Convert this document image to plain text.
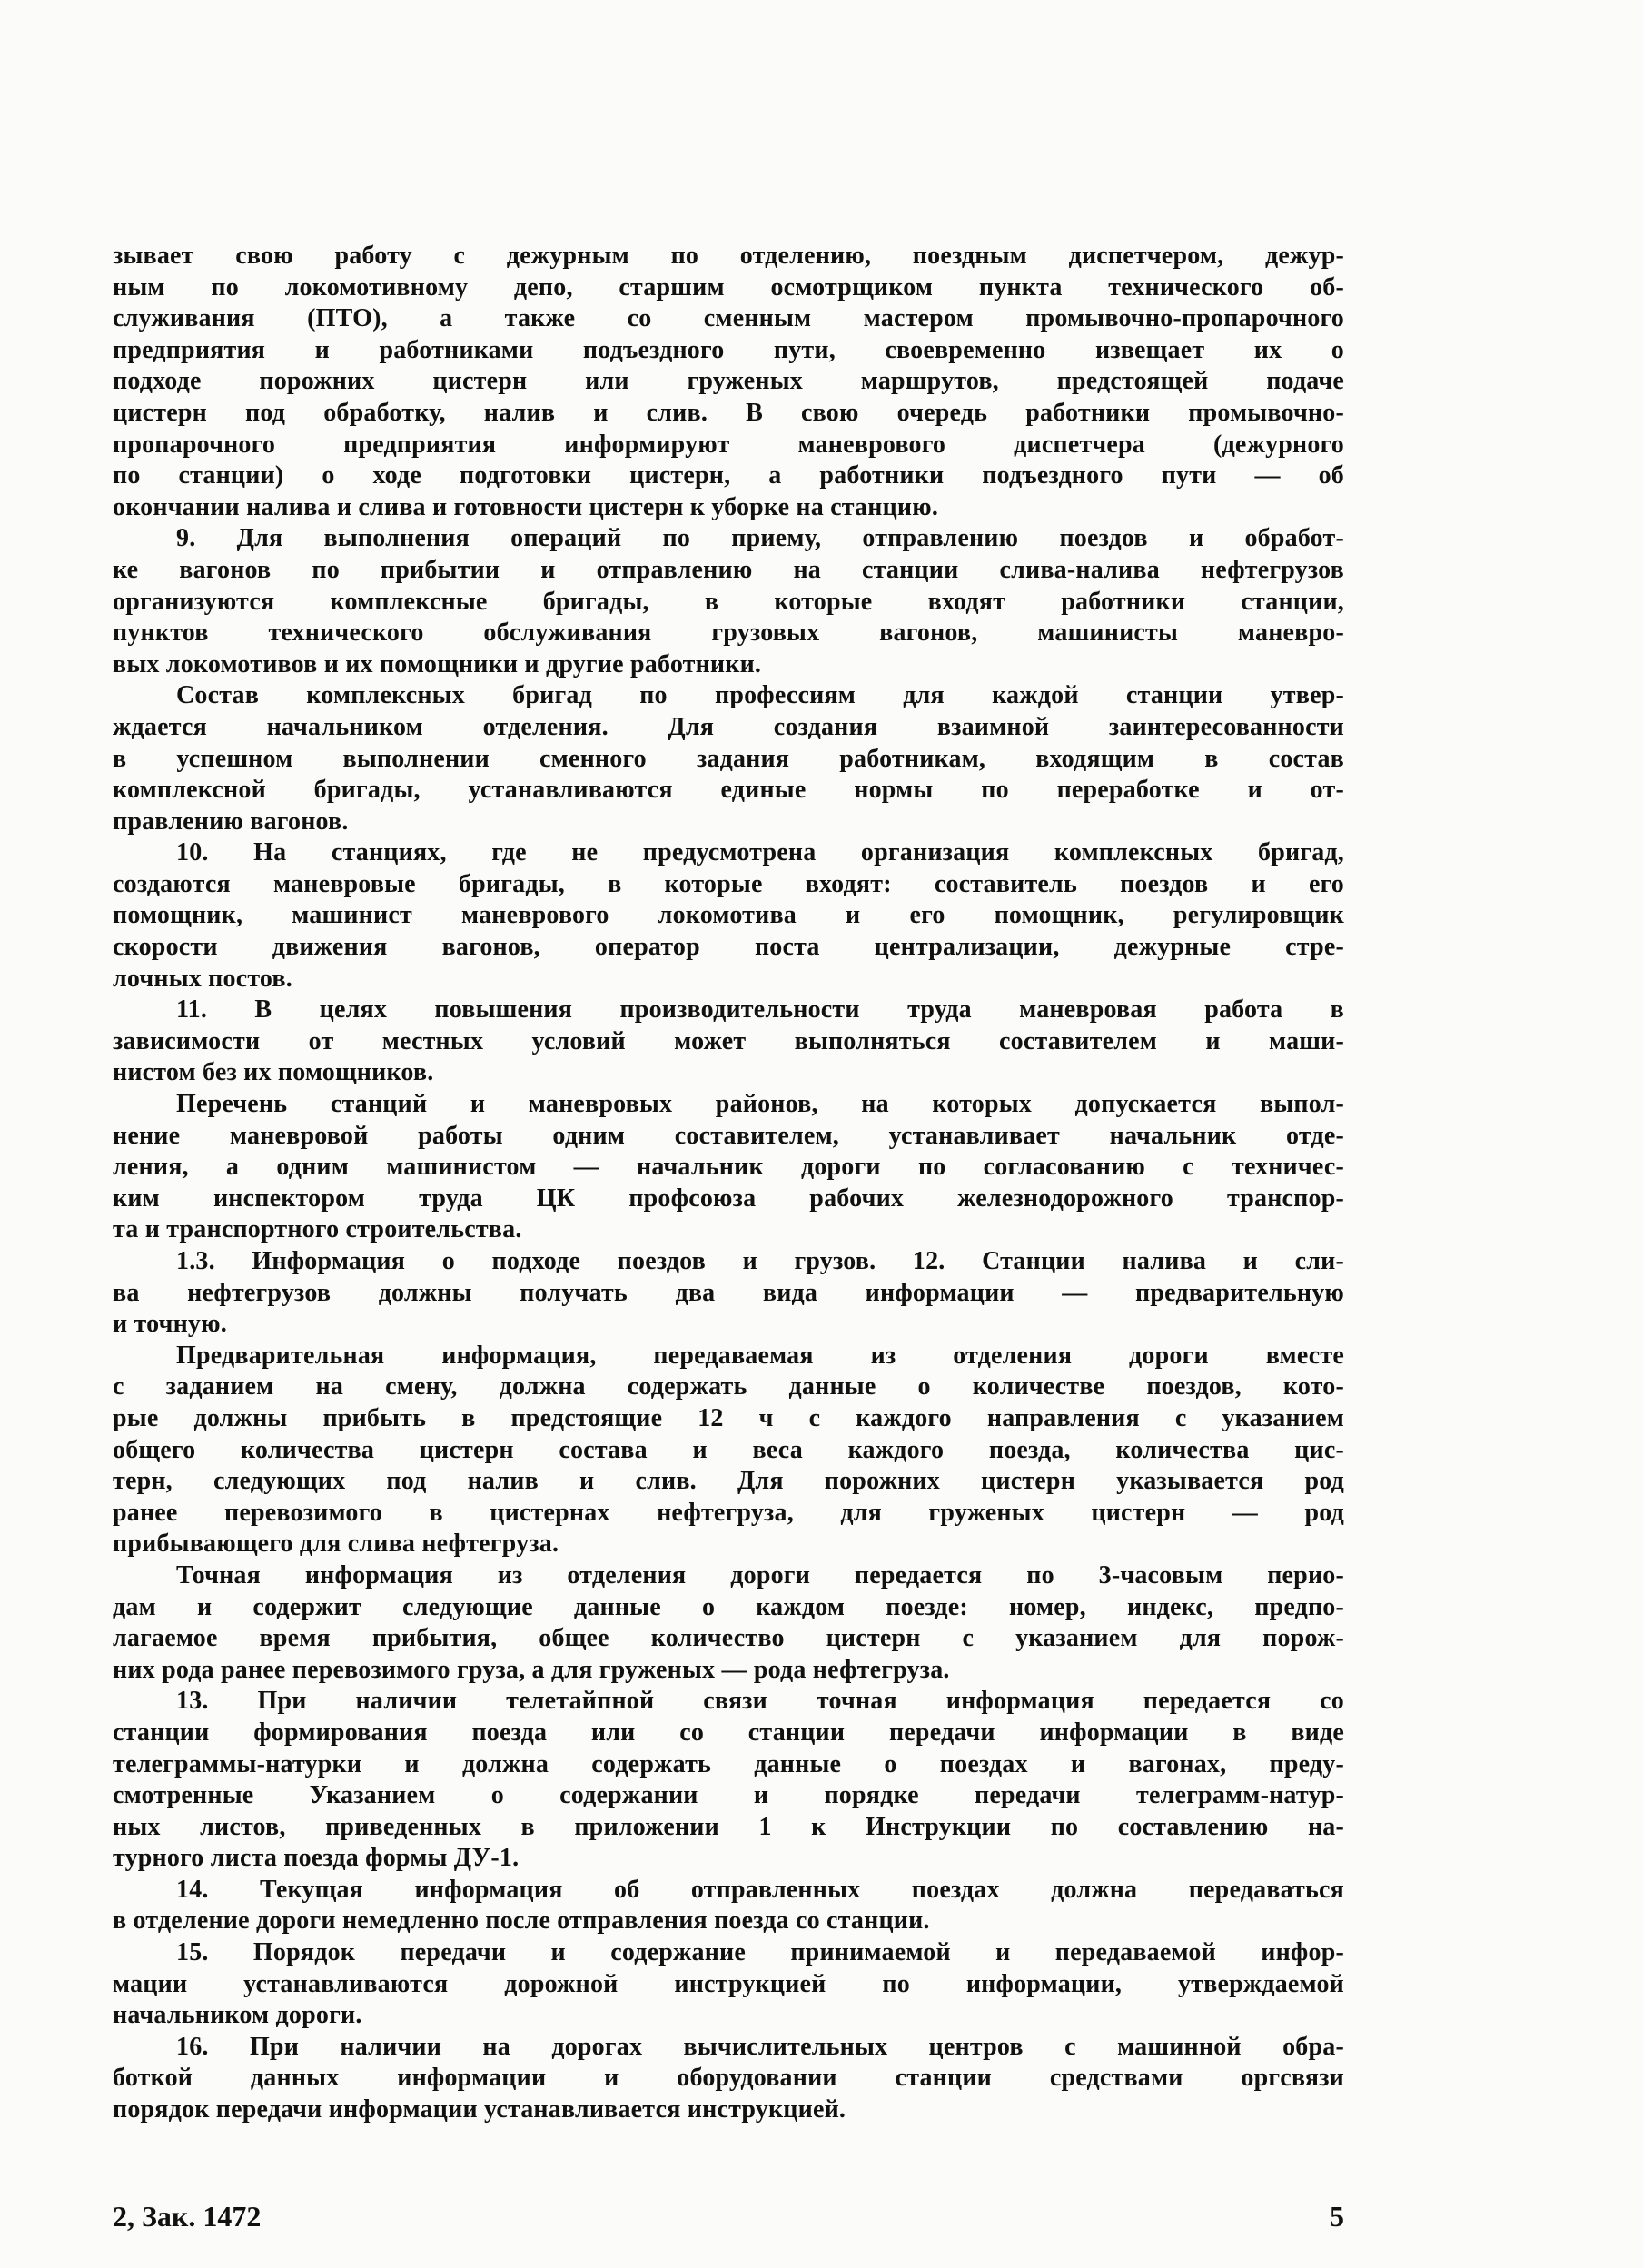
зывает свою работу с дежурным по отделению, поездным диспетчером, дежур-
ным по локомотивному депо, старшим осмотрщиком пункта технического об-
служивания (ПТО), а также со сменным мастером промывочно-пропарочного
предприятия и работниками подъездного пути, своевременно извещает их о
подходе порожних цистерн или груженых маршрутов, предстоящей подаче
цистерн под обработку, налив и слив. В свою очередь работники промывочно-
пропарочного предприятия информируют маневрового диспетчера (дежурного
по станции) о ходе подготовки цистерн, а работники подъездного пути — об
окончании налива и слива и готовности цистерн к уборке на станцию.
9. Для выполнения операций по приему, отправлению поездов и обработ-
ке вагонов по прибытии и отправлению на станции слива-налива нефтегрузов
организуются комплексные бригады, в которые входят работники станции,
пунктов технического обслуживания грузовых вагонов, машинисты маневро-
вых локомотивов и их помощники и другие работники.
Состав комплексных бригад по профессиям для каждой станции утвер-
ждается начальником отделения. Для создания взаимной заинтересованности
в успешном выполнении сменного задания работникам, входящим в состав
комплексной бригады, устанавливаются единые нормы по переработке и от-
правлению вагонов.
10. На станциях, где не предусмотрена организация комплексных бригад,
создаются маневровые бригады, в которые входят: составитель поездов и его
помощник, машинист маневрового локомотива и его помощник, регулировщик
скорости движения вагонов, оператор поста централизации, дежурные стре-
лочных постов.
11. В целях повышения производительности труда маневровая работа в
зависимости от местных условий может выполняться составителем и маши-
нистом без их помощников.
Перечень станций и маневровых районов, на которых допускается выпол-
нение маневровой работы одним составителем, устанавливает начальник отде-
ления, а одним машинистом — начальник дороги по согласованию с техничес-
ким инспектором труда ЦК профсоюза рабочих железнодорожного транспор-
та и транспортного строительства.
1.3. Информация о подходе поездов и грузов. 12. Станции налива и сли-
ва нефтегрузов должны получать два вида информации — предварительную
и точную.
Предварительная информация, передаваемая из отделения дороги вместе
с заданием на смену, должна содержать данные о количестве поездов, кото-
рые должны прибыть в предстоящие 12 ч с каждого направления с указанием
общего количества цистерн состава и веса каждого поезда, количества цис-
терн, следующих под налив и слив. Для порожних цистерн указывается род
ранее перевозимого в цистернах нефтегруза, для груженых цистерн — род
прибывающего для слива нефтегруза.
Точная информация из отделения дороги передается по 3-часовым перио-
дам и содержит следующие данные о каждом поезде: номер, индекс, предпо-
лагаемое время прибытия, общее количество цистерн с указанием для порож-
них рода ранее перевозимого груза, а для груженых — рода нефтегруза.
13. При наличии телетайпной связи точная информация передается со
станции формирования поезда или со станции передачи информации в виде
телеграммы-натурки и должна содержать данные о поездах и вагонах, преду-
смотренные Указанием о содержании и порядке передачи телеграмм-натур-
ных листов, приведенных в приложении 1 к Инструкции по составлению на-
турного листа поезда формы ДУ-1.
14. Текущая информация об отправленных поездах должна передаваться
в отделение дороги немедленно после отправления поезда со станции.
15. Порядок передачи и содержание принимаемой и передаваемой инфор-
мации устанавливаются дорожной инструкцией по информации, утверждаемой
начальником дороги.
16. При наличии на дорогах вычислительных центров с машинной обра-
боткой данных информации и оборудовании станции средствами оргсвязи
порядок передачи информации устанавливается инструкцией.
2, Зак. 1472	5
